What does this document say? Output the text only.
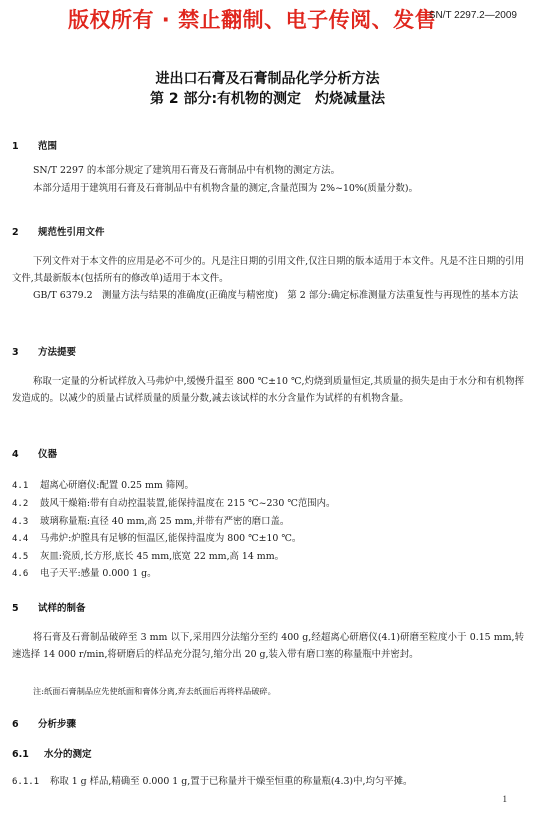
版权所有 · 禁止翻制、电子传阅、发售
SN/T 2297.2—2009
进出口石膏及石膏制品化学分析方法
第 2 部分:有机物的测定　灼烧减量法
1 范围

SN/T 2297 的本部分规定了建筑用石膏及石膏制品中有机物的测定方法。

本部分适用于建筑用石膏及石膏制品中有机物含量的测定,含量范围为 2%~10%(质量分数)。

2 规范性引用文件

下列文件对于本文件的应用是必不可少的。凡是注日期的引用文件,仅注日期的版本适用于本文件。凡是不注日期的引用文件,其最新版本(包括所有的修改单)适用于本文件。

GB/T 6379.2　测量方法与结果的准确度(正确度与精密度)　第 2 部分:确定标准测量方法重复性与再现性的基本方法

3 方法提要

称取一定量的分析试样放入马弗炉中,缓慢升温至 800 ℃±10 ℃,灼烧到质量恒定,其质量的损失是由于水分和有机物挥发造成的。以减少的质量占试样质量的质量分数,减去该试样的水分含量作为试样的有机物含量。

4 仪器

4.1 超离心研磨仪:配置 0.25 mm 筛网。

4.2 鼓风干燥箱:带有自动控温装置,能保持温度在 215 ℃~230 ℃范围内。

4.3 玻璃称量瓶:直径 40 mm,高 25 mm,并带有严密的磨口盖。

4.4 马弗炉:炉膛具有足够的恒温区,能保持温度为 800 ℃±10 ℃。

4.5 灰皿:瓷质,长方形,底长 45 mm,底宽 22 mm,高 14 mm。

4.6 电子天平:感量 0.000 1 g。

5 试样的制备

将石膏及石膏制品破碎至 3 mm 以下,采用四分法缩分至约 400 g,经超离心研磨仪(4.1)研磨至粒度小于 0.15 mm,转速选择 14 000 r/min,将研磨后的样品充分混匀,缩分出 20 g,装入带有磨口塞的称量瓶中并密封。

注:纸面石膏制品应先使纸面和膏体分离,弃去纸面后再将样品破碎。

6 分析步骤
6.1 水分的测定

6.1.1 称取 1 g 样品,精确至 0.000 1 g,置于已称量并干燥至恒重的称量瓶(4.3)中,均匀平摊。

1
